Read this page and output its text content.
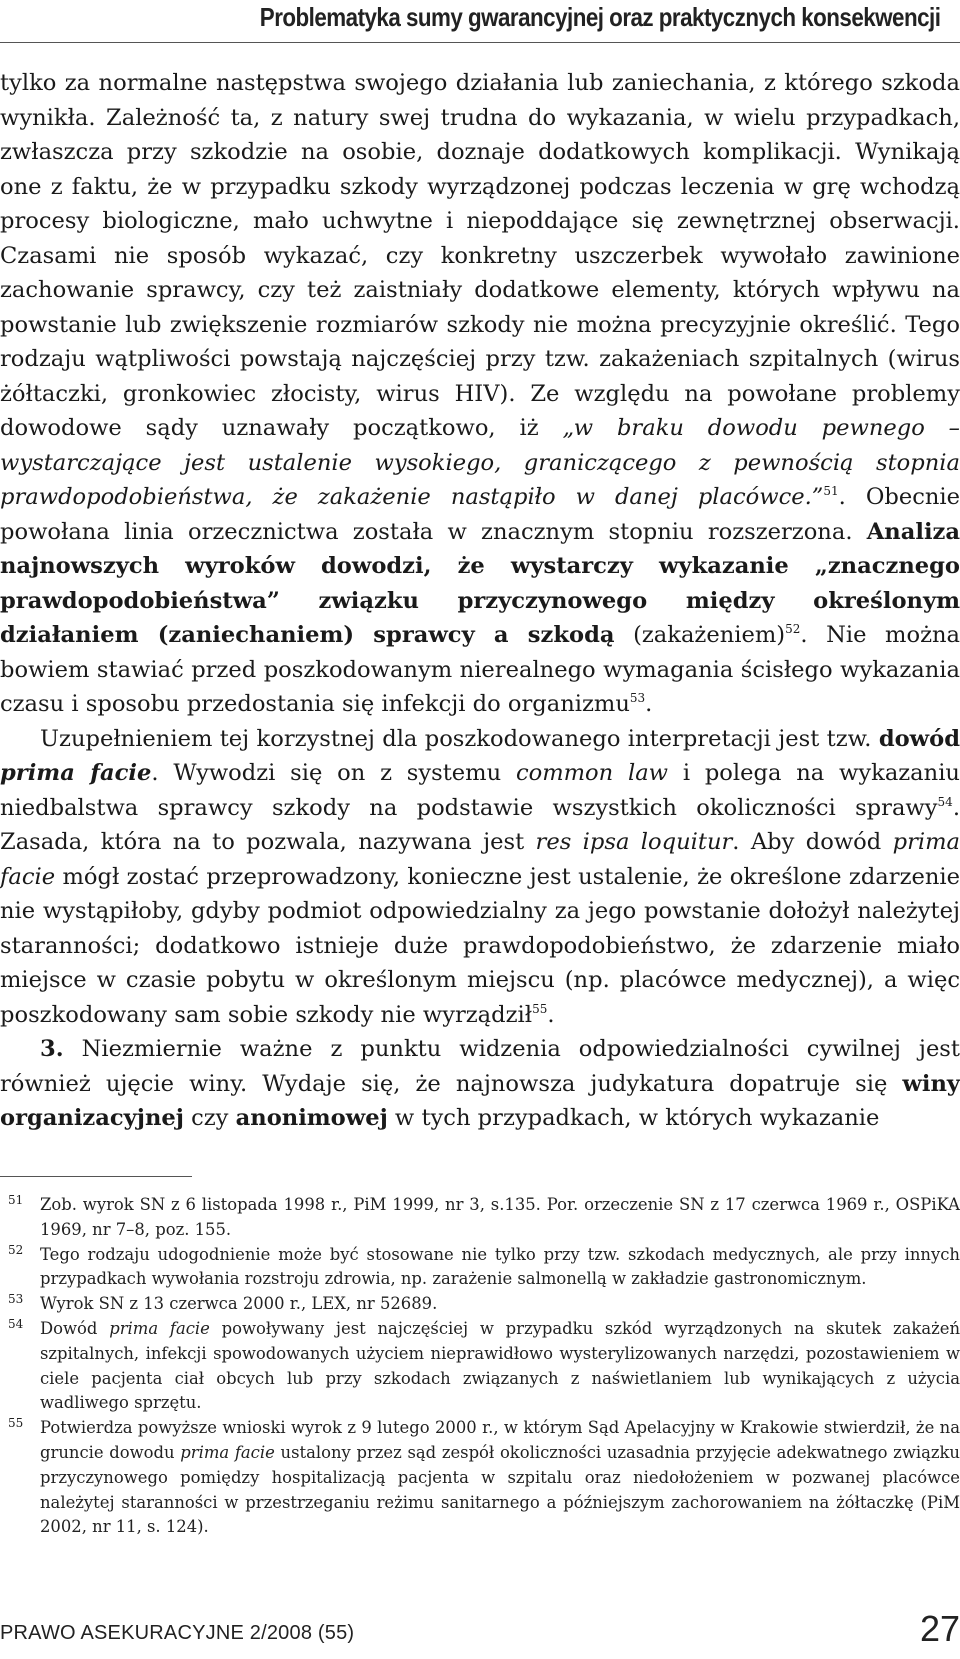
Problematyka sumy gwarancyjnej oraz praktycznych konsekwencji

tylko za normalne następstwa swojego działania lub zaniechania, z którego szkoda wynikła. Zależność ta, z natury swej trudna do wykazania, w wielu przypadkach, zwłaszcza przy szkodzie na osobie, doznaje dodatkowych komplikacji. Wynikają one z faktu, że w przypadku szkody wyrządzonej podczas leczenia w grę wchodzą procesy biologiczne, mało uchwytne i niepoddające się zewnętrznej obserwacji. Czasami nie sposób wykazać, czy konkretny uszczerbek wywołało zawinione zachowanie sprawcy, czy też zaistniały dodatkowe elementy, których wpływu na powstanie lub zwiększenie rozmiarów szkody nie można precyzyjnie określić. Tego rodzaju wątpliwości powstają najczęściej przy tzw. zakażeniach szpitalnych (wirus żółtaczki, gronkowiec złocisty, wirus HIV). Ze względu na powołane problemy dowodowe sądy uznawały początkowo, iż „w braku dowodu pewnego – wystarczające jest ustalenie wysokiego, graniczącego z pewnością stopnia prawdopodobieństwa, że zakażenie nastąpiło w danej placówce.”$^{51}$. Obecnie powołana linia orzecznictwa została w znacznym stopniu rozszerzona. Analiza najnowszych wyroków dowodzi, że wystarczy wykazanie „znacznego prawdopodobieństwa” związku przyczynowego między określonym działaniem (zaniechaniem) sprawcy a szkodą (zakażeniem)$^{52}$. Nie można bowiem stawiać przed poszkodowanym nierealnego wymagania ścisłego wykazania czasu i sposobu przedostania się infekcji do organizmu$^{53}$.

Uzupełnieniem tej korzystnej dla poszkodowanego interpretacji jest tzw. dowód prima facie. Wywodzi się on z systemu common law i polega na wykazaniu niedbalstwa sprawcy szkody na podstawie wszystkich okoliczności sprawy$^{54}$. Zasada, która na to pozwala, nazywana jest res ipsa loquitur. Aby dowód prima facie mógł zostać przeprowadzony, konieczne jest ustalenie, że określone zdarzenie nie wystąpiłoby, gdyby podmiot odpowiedzialny za jego powstanie dołożył należytej staranności; dodatkowo istnieje duże prawdopodobieństwo, że zdarzenie miało miejsce w czasie pobytu w określonym miejscu (np. placówce medycznej), a więc poszkodowany sam sobie szkody nie wyrządził$^{55}$.

3. Niezmiernie ważne z punktu widzenia odpowiedzialności cywilnej jest również ujęcie winy. Wydaje się, że najnowsza judykatura dopatruje się winy organizacyjnej czy anonimowej w tych przypadkach, w których wykazanie

51 Zob. wyrok SN z 6 listopada 1998 r., PiM 1999, nr 3, s.135. Por. orzeczenie SN z 17 czerwca 1969 r., OSPiKA 1969, nr 7–8, poz. 155.

52 Tego rodzaju udogodnienie może być stosowane nie tylko przy tzw. szkodach medycznych, ale przy innych przypadkach wywołania rozstroju zdrowia, np. zarażenie salmonellą w zakładzie gastronomicznym.

53 Wyrok SN z 13 czerwca 2000 r., LEX, nr 52689.

54 Dowód prima facie powoływany jest najczęściej w przypadku szkód wyrządzonych na skutek zakażeń szpitalnych, infekcji spowodowanych użyciem nieprawidłowo wysterylizowanych narzędzi, pozostawieniem w ciele pacjenta ciał obcych lub przy szkodach związanych z naświetlaniem lub wynikających z użycia wadliwego sprzętu.

55 Potwierdza powyższe wnioski wyrok z 9 lutego 2000 r., w którym Sąd Apelacyjny w Krakowie stwierdził, że na gruncie dowodu prima facie ustalony przez sąd zespół okoliczności uzasadnia przyjęcie adekwatnego związku przyczynowego pomiędzy hospitalizacją pacjenta w szpitalu oraz niedołożeniem w pozwanej placówce należytej staranności w przestrzeganiu reżimu sanitarnego a późniejszym zachorowaniem na żółtaczkę (PiM 2002, nr 11, s. 124).

PRAWO ASEKURACYJNE 2/2008 (55)	27
